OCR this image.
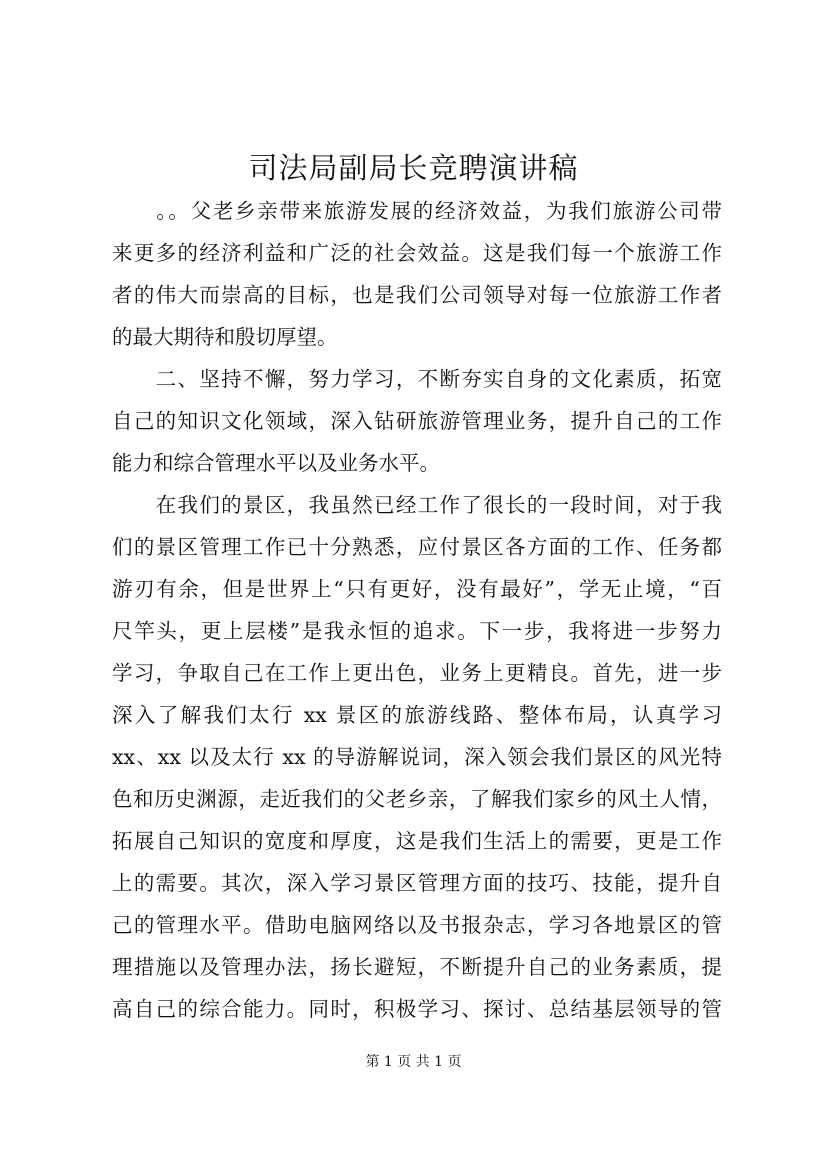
司法局副局长竞聘演讲稿
　　。。父老乡亲带来旅游发展的经济效益，为我们旅游公司带
来更多的经济利益和广泛的社会效益。这是我们每一个旅游工作
者的伟大而崇高的目标，也是我们公司领导对每一位旅游工作者
的最大期待和殷切厚望。
　　二、坚持不懈，努力学习，不断夯实自身的文化素质，拓宽
自己的知识文化领域，深入钻研旅游管理业务，提升自己的工作
能力和综合管理水平以及业务水平。
　　在我们的景区，我虽然已经工作了很长的一段时间，对于我
们的景区管理工作已十分熟悉，应付景区各方面的工作、任务都
游刃有余，但是世界上“只有更好，没有最好”，学无止境，“百
尺竿头，更上层楼”是我永恒的追求。下一步，我将进一步努力
学习，争取自己在工作上更出色，业务上更精良。首先，进一步
深入了解我们太行 xx 景区的旅游线路、整体布局，认真学习
xx、xx 以及太行 xx 的导游解说词，深入领会我们景区的风光特
色和历史渊源，走近我们的父老乡亲，了解我们家乡的风土人情，
拓展自己知识的宽度和厚度，这是我们生活上的需要，更是工作
上的需要。其次，深入学习景区管理方面的技巧、技能，提升自
己的管理水平。借助电脑网络以及书报杂志，学习各地景区的管
理措施以及管理办法，扬长避短，不断提升自己的业务素质，提
高自己的综合能力。同时，积极学习、探讨、总结基层领导的管
第 1 页 共 1 页
